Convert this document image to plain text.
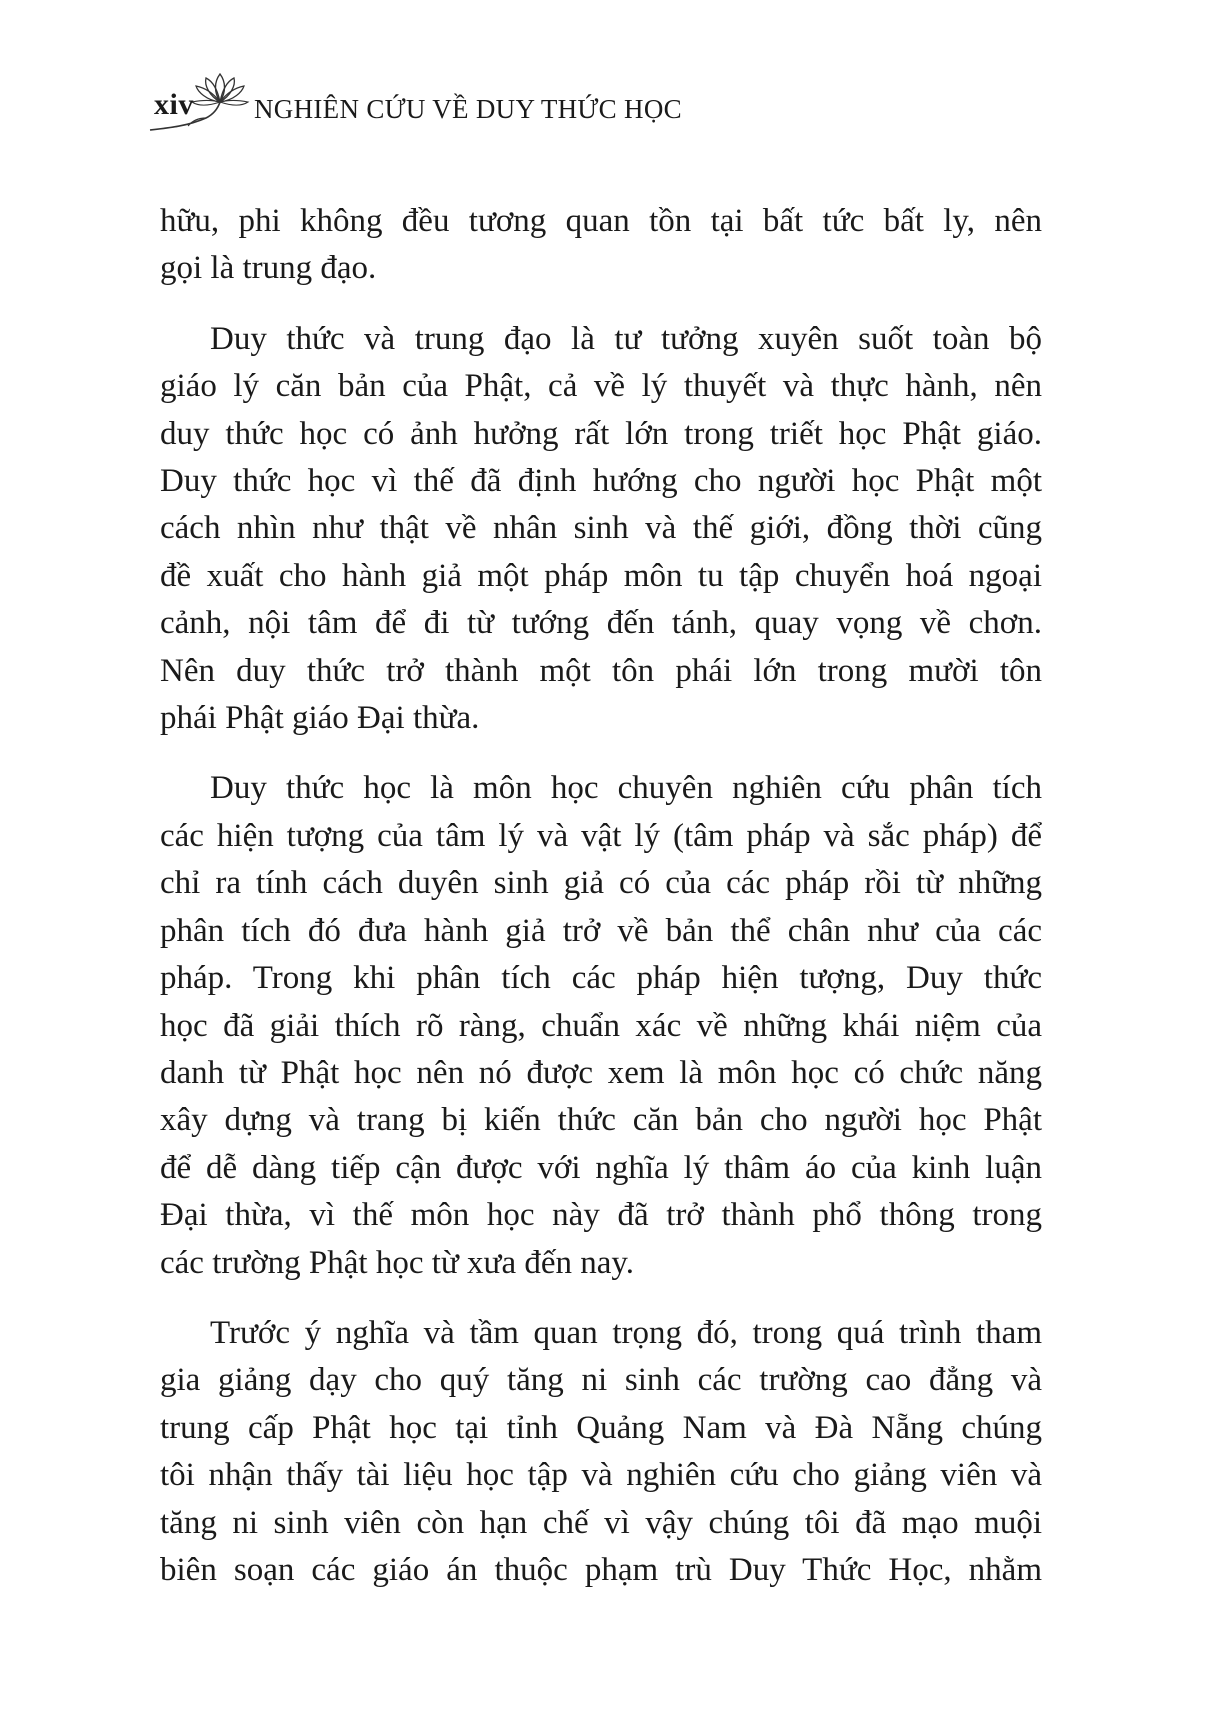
xiv NGHIÊN CỨU VỀ DUY THỨC HỌC

hữu, phi không đều tương quan tồn tại bất tức bất ly, nên
gọi là trung đạo.

Duy thức và trung đạo là tư tưởng xuyên suốt toàn bộ
giáo lý căn bản của Phật, cả về lý thuyết và thực hành, nên
duy thức học có ảnh hưởng rất lớn trong triết học Phật giáo.
Duy thức học vì thế đã định hướng cho người học Phật một
cách nhìn như thật về nhân sinh và thế giới, đồng thời cũng
đề xuất cho hành giả một pháp môn tu tập chuyển hoá ngoại
cảnh, nội tâm để đi từ tướng đến tánh, quay vọng về chơn.
Nên duy thức trở thành một tôn phái lớn trong mười tôn
phái Phật giáo Đại thừa.

Duy thức học là môn học chuyên nghiên cứu phân tích
các hiện tượng của tâm lý và vật lý (tâm pháp và sắc pháp) để
chỉ ra tính cách duyên sinh giả có của các pháp rồi từ những
phân tích đó đưa hành giả trở về bản thể chân như của các
pháp. Trong khi phân tích các pháp hiện tượng, Duy thức
học đã giải thích rõ ràng, chuẩn xác về những khái niệm của
danh từ Phật học nên nó được xem là môn học có chức năng
xây dựng và trang bị kiến thức căn bản cho người học Phật
để dễ dàng tiếp cận được với nghĩa lý thâm áo của kinh luận
Đại thừa, vì thế môn học này đã trở thành phổ thông trong
các trường Phật học từ xưa đến nay.

Trước ý nghĩa và tầm quan trọng đó, trong quá trình tham
gia giảng dạy cho quý tăng ni sinh các trường cao đẳng và
trung cấp Phật học tại tỉnh Quảng Nam và Đà Nẵng chúng
tôi nhận thấy tài liệu học tập và nghiên cứu cho giảng viên và
tăng ni sinh viên còn hạn chế vì vậy chúng tôi đã mạo muội
biên soạn các giáo án thuộc phạm trù Duy Thức Học, nhằm
